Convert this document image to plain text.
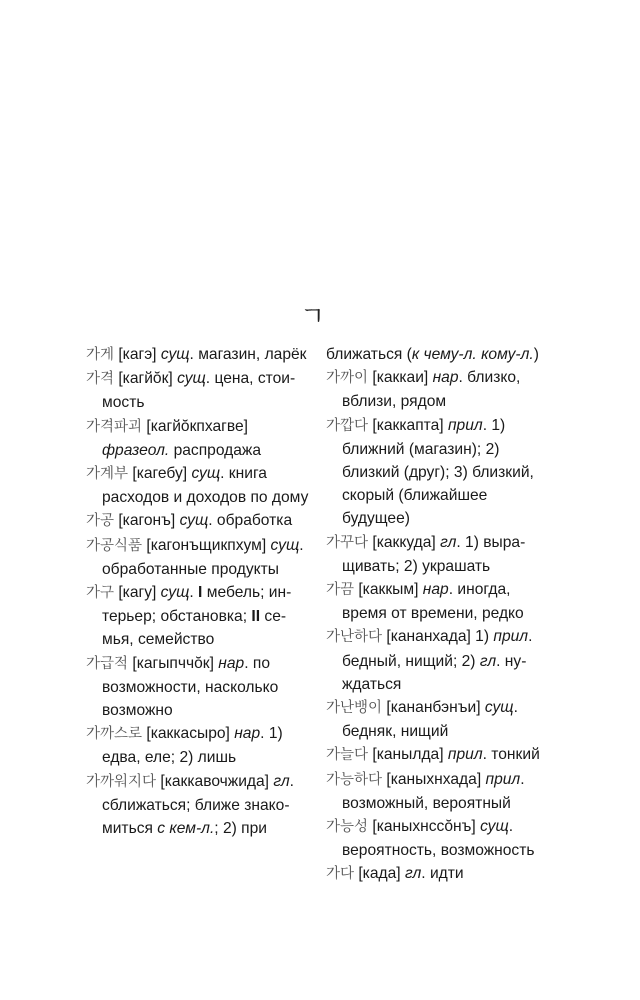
ㄱ
가게 [кагэ] сущ. магазин, ларёк
가격 [кагйŏк] сущ. цена, стоимость
가격파괴 [кагйŏкпхагве] фразеол. распродажа
가계부 [кагебу] сущ. книга расходов и доходов по дому
가공 [кагонъ] сущ. обработка
가공식품 [кагонъщикпхум] сущ. обработанные продукты
가구 [кагу] сущ. I мебель; интерьер; обстановка; II семья, семейство
가급적 [кагыпччŏк] нар. по возможности, насколько возможно
가까스로 [каккасыро] нар. 1) едва, еле; 2) лишь
가까워지다 [каккавочжида] гл. сближаться; ближе знакомиться с кем-л.; 2) при
ближаться (к чему-л. кому-л.)
가까이 [каккаи] нар. близко, вблизи, рядом
가깝다 [каккапта] прил. 1) ближний (магазин); 2) близкий (друг); 3) близкий, скорый (ближайшее будущее)
가꾸다 [каккуда] гл. 1) выращивать; 2) украшать
가끔 [каккым] нар. иногда, время от времени, редко
가난하다 [кананхада] 1) прил. бедный, нищий; 2) гл. нуждаться
가난뱅이 [кананбэнъи] сущ. бедняк, нищий
가늘다 [канылда] прил. тонкий
가능하다 [каныхнхада] прил. возможный, вероятный
가능성 [каныхнссŏнъ] сущ. вероятность, возможность
가다 [када] гл. идти
